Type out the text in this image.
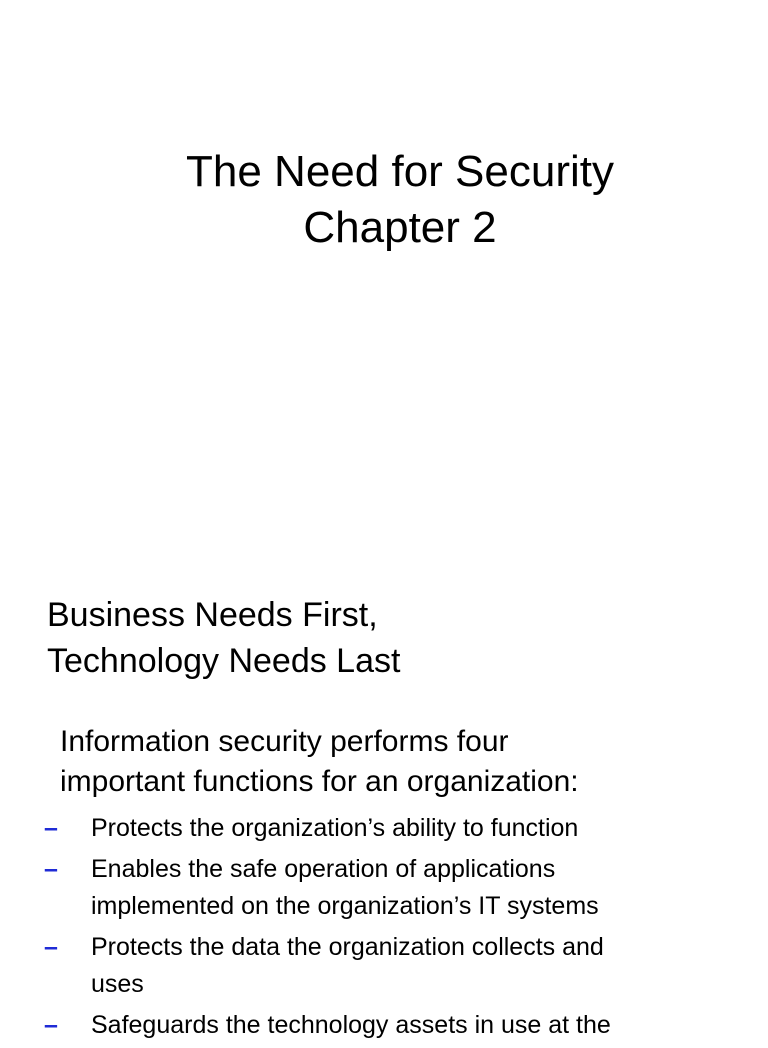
The Need for Security
Chapter 2
Business Needs First,
Technology Needs Last

Information security performs four
important functions for an organization:

– Protects the organization’s ability to function
– Enables the safe operation of applications
implemented on the organization’s IT systems
– Protects the data the organization collects and
uses
– Safeguards the technology assets in use at the
